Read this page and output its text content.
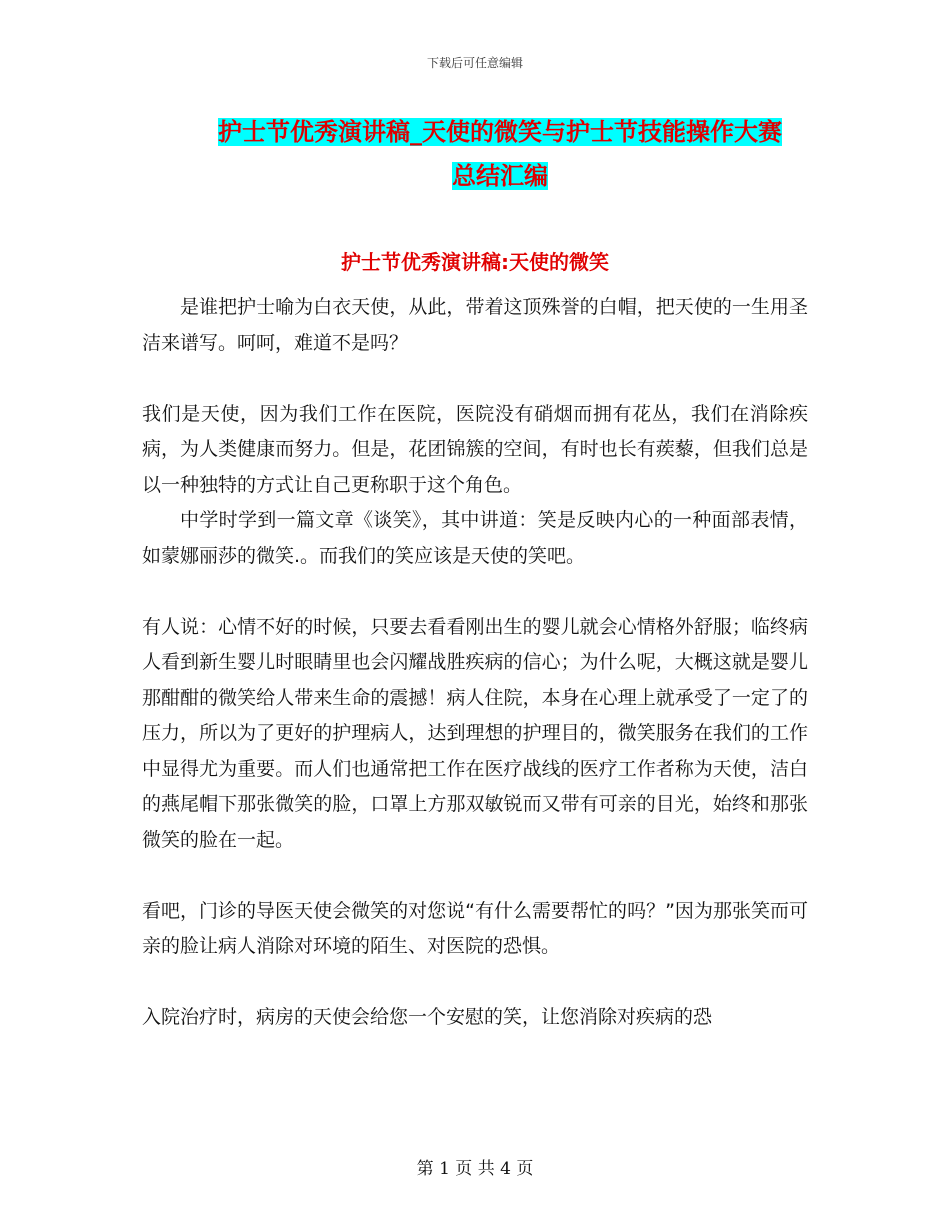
下载后可任意编辑
护士节优秀演讲稿_天使的微笑与护士节技能操作大赛
总结汇编
护士节优秀演讲稿:天使的微笑

是谁把护士喻为白衣天使，从此，带着这顶殊誉的白帽，把天使的一生用圣洁来谱写。呵呵，难道不是吗？

我们是天使，因为我们工作在医院，医院没有硝烟而拥有花丛，我们在消除疾病，为人类健康而努力。但是，花团锦簇的空间，有时也长有蒺藜，但我们总是以一种独特的方式让自己更称职于这个角色。

中学时学到一篇文章《谈笑》，其中讲道：笑是反映内心的一种面部表情，如蒙娜丽莎的微笑.。而我们的笑应该是天使的笑吧。

有人说：心情不好的时候，只要去看看刚出生的婴儿就会心情格外舒服；临终病人看到新生婴儿时眼睛里也会闪耀战胜疾病的信心；为什么呢，大概这就是婴儿那酣酣的微笑给人带来生命的震撼！病人住院，本身在心理上就承受了一定了的压力，所以为了更好的护理病人，达到理想的护理目的，微笑服务在我们的工作中显得尤为重要。而人们也通常把工作在医疗战线的医疗工作者称为天使，洁白的燕尾帽下那张微笑的脸，口罩上方那双敏锐而又带有可亲的目光，始终和那张微笑的脸在一起。

看吧，门诊的导医天使会微笑的对您说“有什么需要帮忙的吗？”因为那张笑而可亲的脸让病人消除对环境的陌生、对医院的恐惧。

入院治疗时，病房的天使会给您一个安慰的笑，让您消除对疾病的恐

第 1 页 共 4 页
